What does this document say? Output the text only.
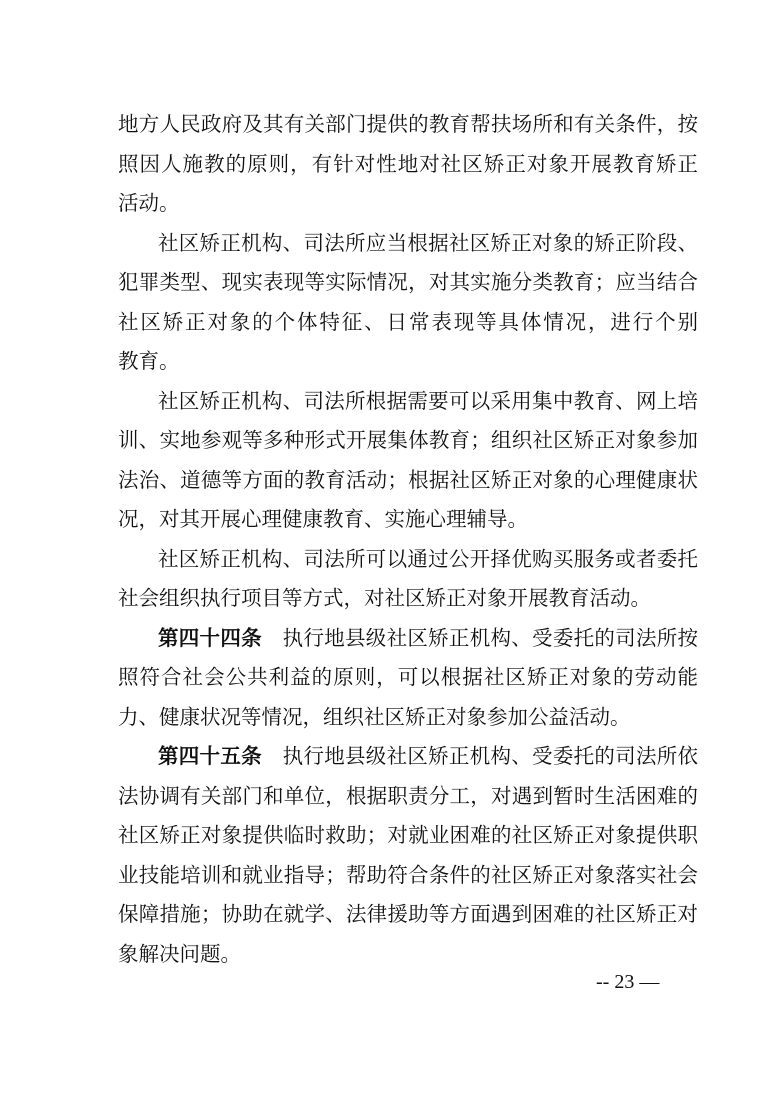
地方人民政府及其有关部门提供的教育帮扶场所和有关条件，按
照因人施教的原则，有针对性地对社区矫正对象开展教育矫正
活动。
社区矫正机构、司法所应当根据社区矫正对象的矫正阶段、
犯罪类型、现实表现等实际情况，对其实施分类教育；应当结合
社区矫正对象的个体特征、日常表现等具体情况，进行个别
教育。
社区矫正机构、司法所根据需要可以采用集中教育、网上培
训、实地参观等多种形式开展集体教育；组织社区矫正对象参加
法治、道德等方面的教育活动；根据社区矫正对象的心理健康状
况，对其开展心理健康教育、实施心理辅导。
社区矫正机构、司法所可以通过公开择优购买服务或者委托
社会组织执行项目等方式，对社区矫正对象开展教育活动。
第四十四条  执行地县级社区矫正机构、受委托的司法所按
照符合社会公共利益的原则，可以根据社区矫正对象的劳动能
力、健康状况等情况，组织社区矫正对象参加公益活动。
第四十五条  执行地县级社区矫正机构、受委托的司法所依
法协调有关部门和单位，根据职责分工，对遇到暂时生活困难的
社区矫正对象提供临时救助；对就业困难的社区矫正对象提供职
业技能培训和就业指导；帮助符合条件的社区矫正对象落实社会
保障措施；协助在就学、法律援助等方面遇到困难的社区矫正对
象解决问题。
-- 23 —
